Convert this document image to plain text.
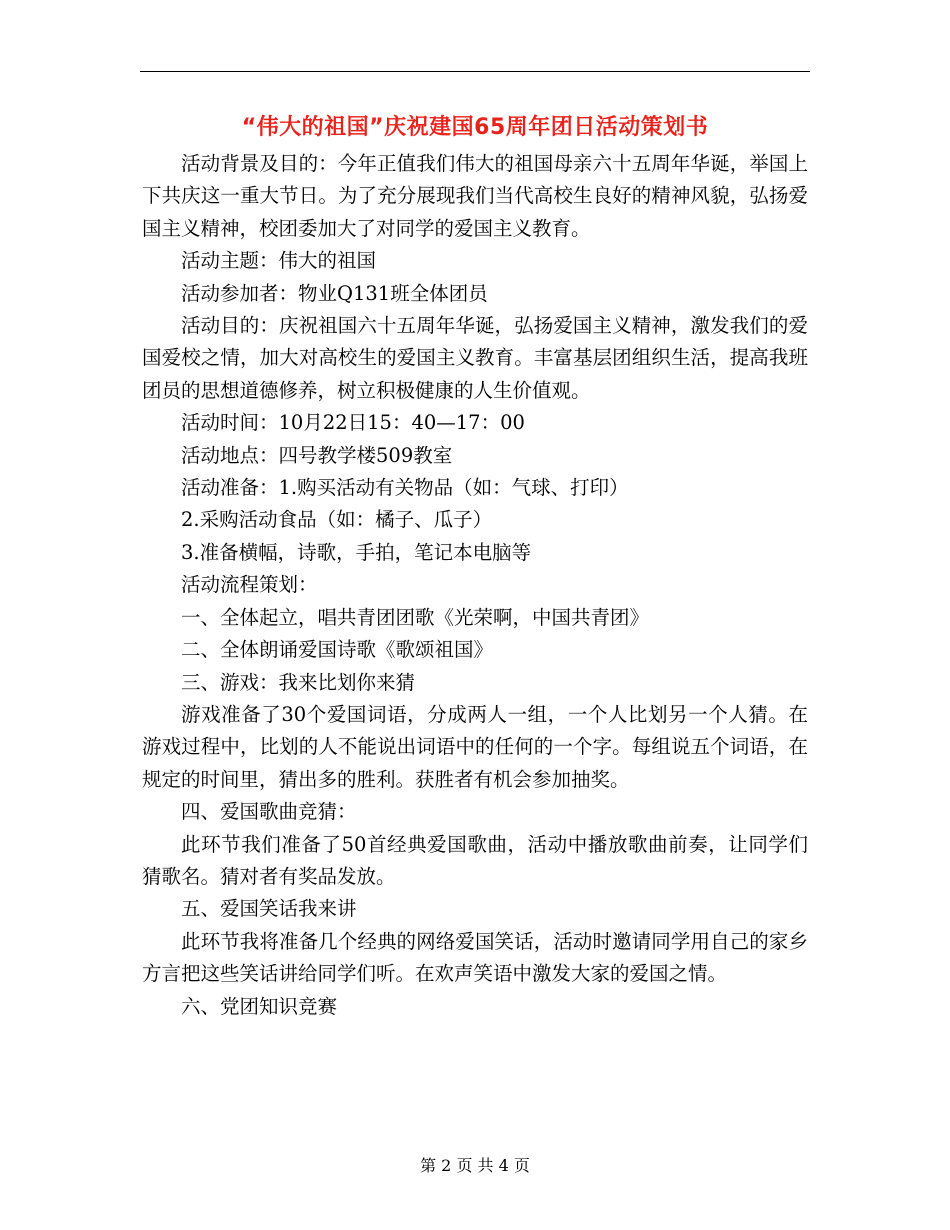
“伟大的祖国”庆祝建国65周年团日活动策划书

活动背景及目的：今年正值我们伟大的祖国母亲六十五周年华诞，举国上下共庆这一重大节日。为了充分展现我们当代高校生良好的精神风貌，弘扬爱国主义精神，校团委加大了对同学的爱国主义教育。

活动主题：伟大的祖国

活动参加者：物业Q131班全体团员

活动目的：庆祝祖国六十五周年华诞，弘扬爱国主义精神，激发我们的爱国爱校之情，加大对高校生的爱国主义教育。丰富基层团组织生活，提高我班团员的思想道德修养，树立积极健康的人生价值观。

活动时间：10月22日15：40—17：00

活动地点：四号教学楼509教室

活动准备：1.购买活动有关物品（如：气球、打印）

2.采购活动食品（如：橘子、瓜子）

3.准备横幅，诗歌，手拍，笔记本电脑等

活动流程策划：

一、全体起立，唱共青团团歌《光荣啊，中国共青团》

二、全体朗诵爱国诗歌《歌颂祖国》

三、游戏：我来比划你来猜

游戏准备了30个爱国词语，分成两人一组，一个人比划另一个人猜。在游戏过程中，比划的人不能说出词语中的任何的一个字。每组说五个词语，在规定的时间里，猜出多的胜利。获胜者有机会参加抽奖。

四、爱国歌曲竞猜：

此环节我们准备了50首经典爱国歌曲，活动中播放歌曲前奏，让同学们猜歌名。猜对者有奖品发放。

五、爱国笑话我来讲

此环节我将准备几个经典的网络爱国笑话，活动时邀请同学用自己的家乡方言把这些笑话讲给同学们听。在欢声笑语中激发大家的爱国之情。

六、党团知识竞赛

第 2 页 共 4 页
